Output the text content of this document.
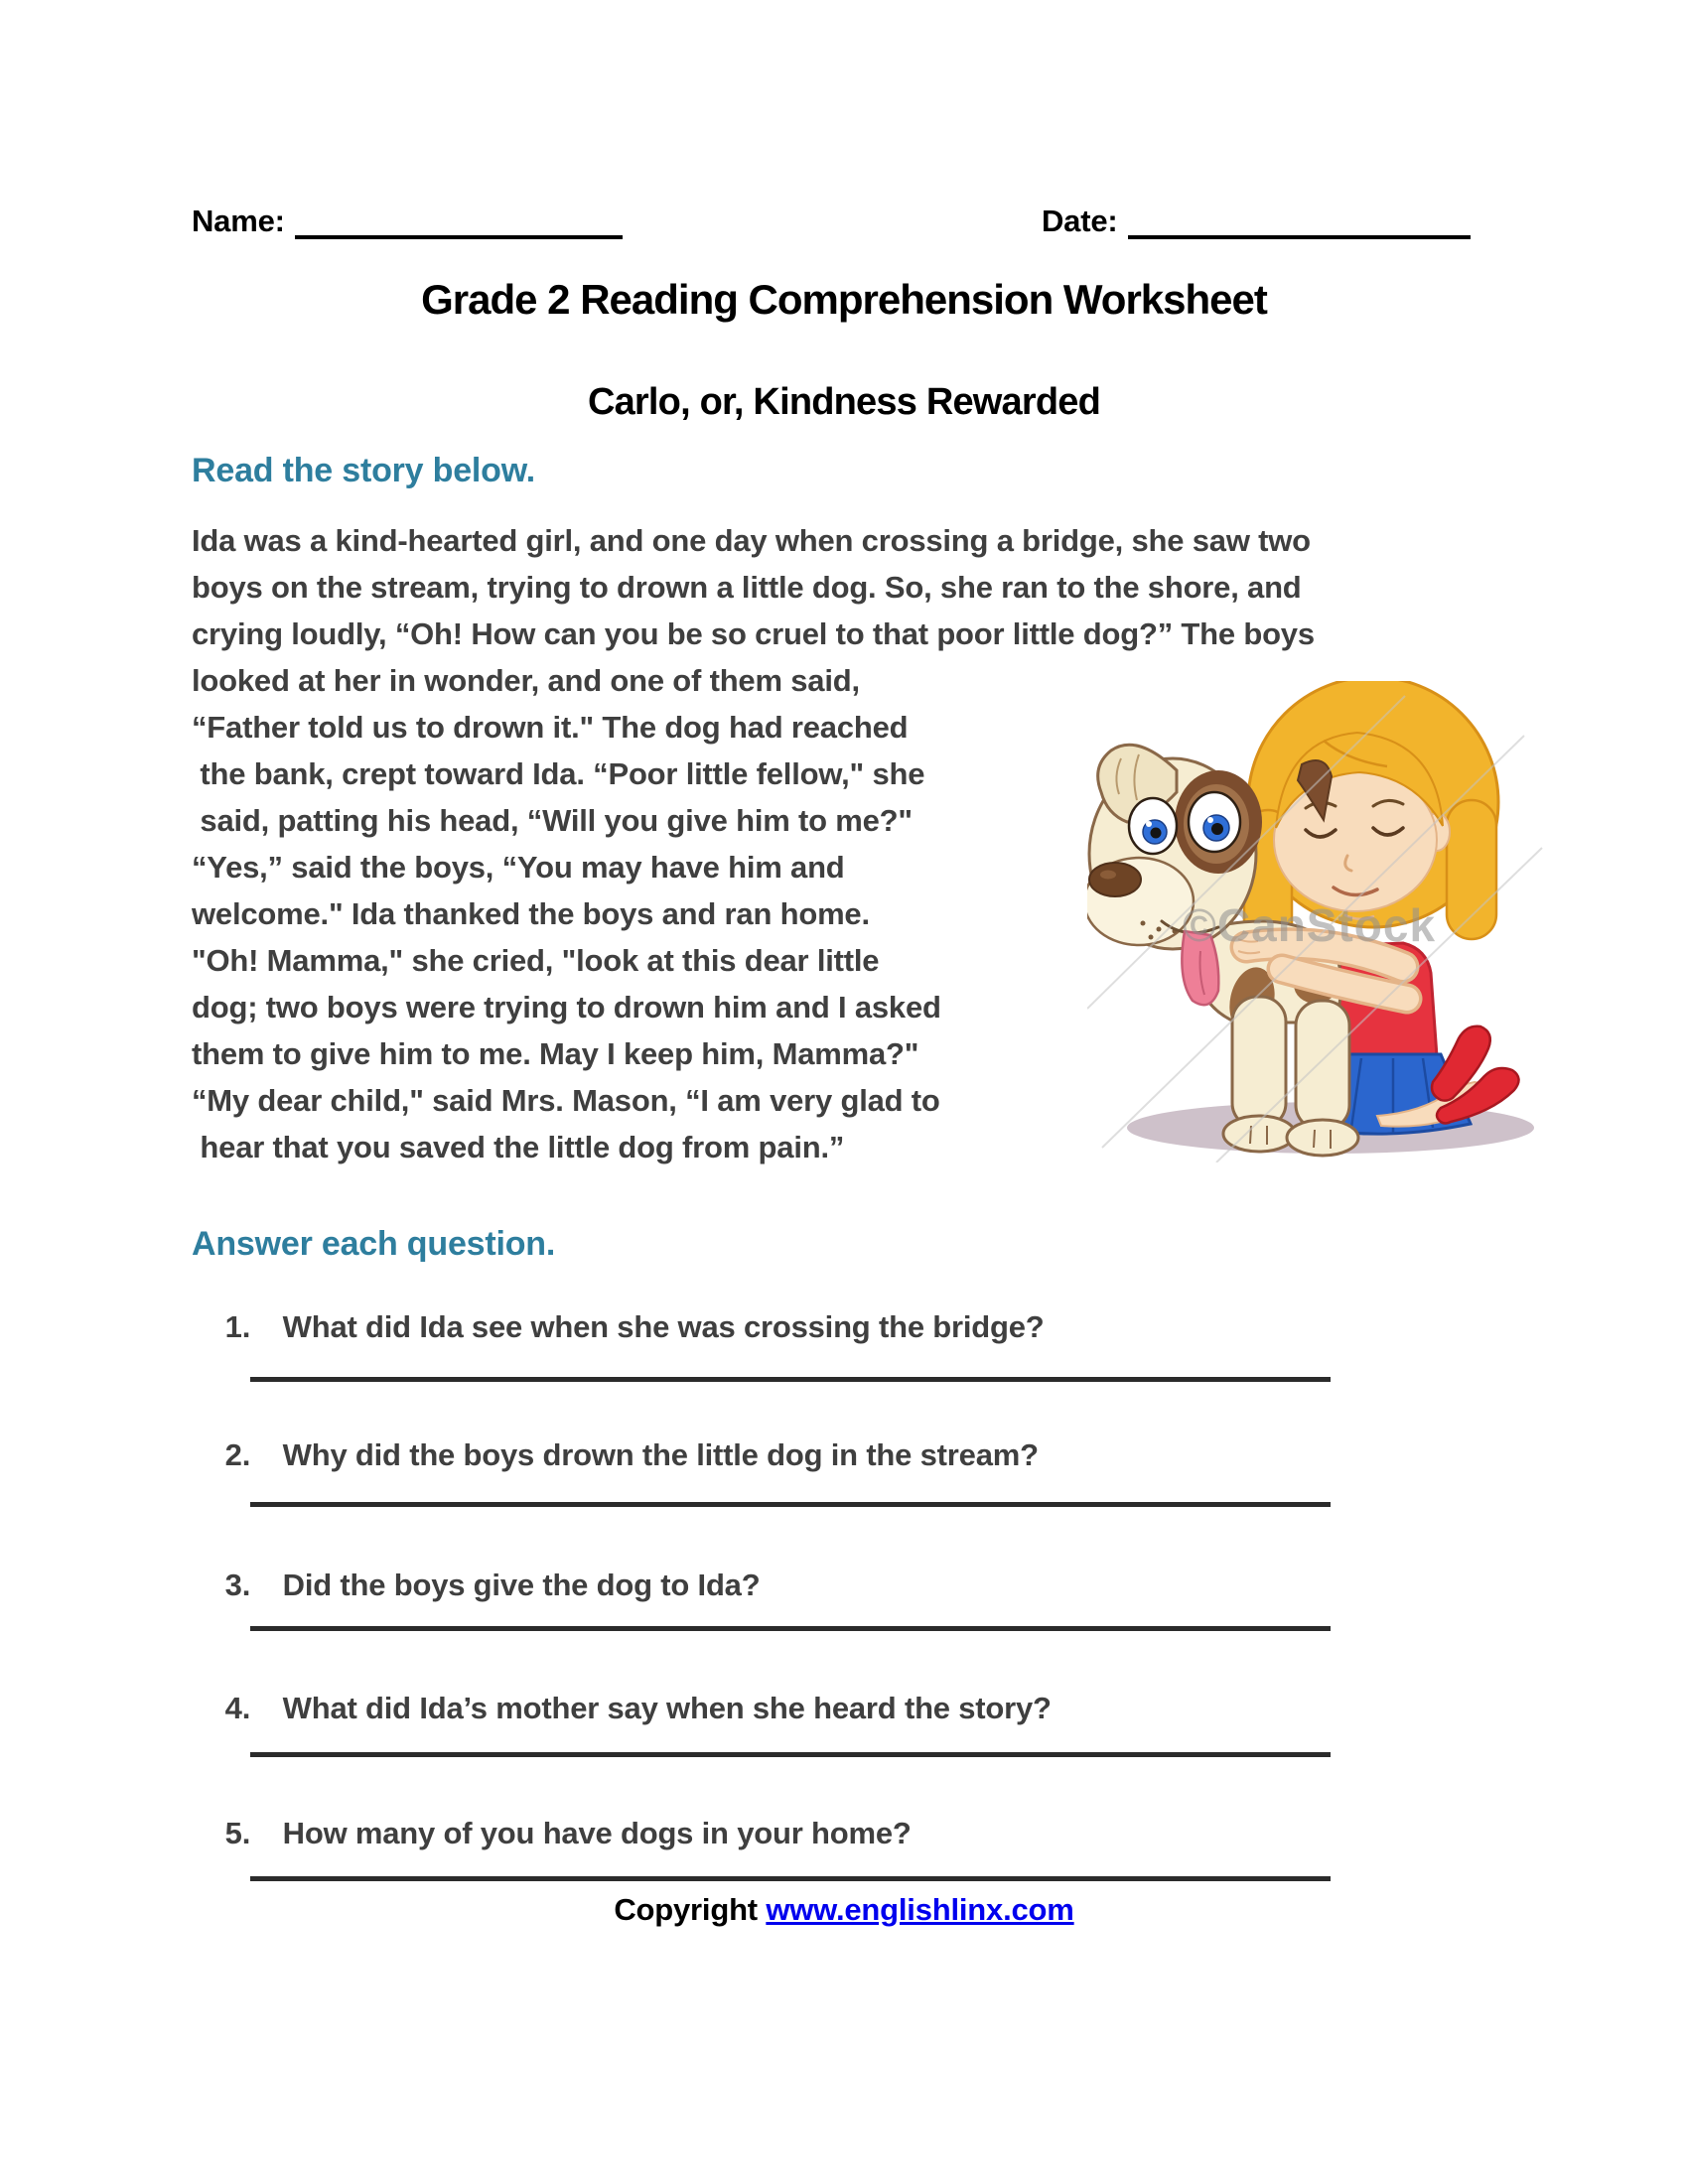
Name:	Date:
Grade 2 Reading Comprehension Worksheet
Carlo, or, Kindness Rewarded
Read the story below.
Ida was a kind-hearted girl, and one day when crossing a bridge, she saw two
boys on the stream, trying to drown a little dog. So, she ran to the shore, and
crying loudly, “Oh! How can you be so cruel to that poor little dog?” The boys
looked at her in wonder, and one of them said,
“Father told us to drown it." The dog had reached
the bank, crept toward Ida. “Poor little fellow," she
said, patting his head, “Will you give him to me?"
“Yes,” said the boys, “You may have him and
welcome." Ida thanked the boys and ran home.
"Oh! Mamma," she cried, "look at this dear little
dog; two boys were trying to drown him and I asked
them to give him to me. May I keep him, Mamma?"
“My dear child," said Mrs. Mason, “I am very glad to
hear that you saved the little dog from pain.”
©CanStock
Answer each question.

1. What did Ida see when she was crossing the bridge?

2. Why did the boys drown the little dog in the stream?

3. Did the boys give the dog to Ida?

4. What did Ida’s mother say when she heard the story?

5. How many of you have dogs in your home?

Copyright www.englishlinx.com
